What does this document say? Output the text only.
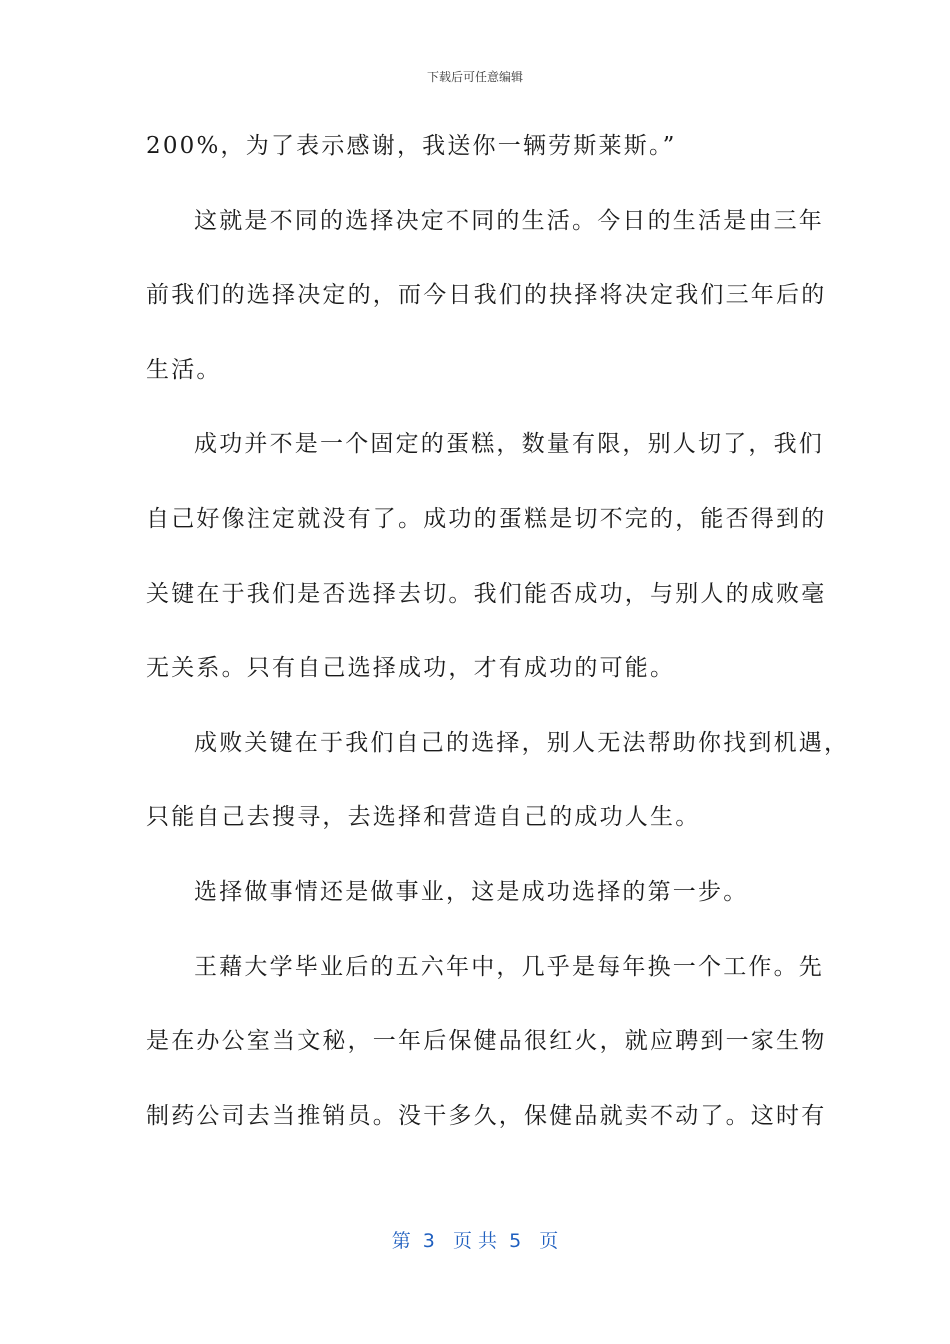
下载后可任意编辑
200%，为了表示感谢，我送你一辆劳斯莱斯。”
这就是不同的选择决定不同的生活。今日的生活是由三年
前我们的选择决定的，而今日我们的抉择将决定我们三年后的
生活。
成功并不是一个固定的蛋糕，数量有限，别人切了，我们
自己好像注定就没有了。成功的蛋糕是切不完的，能否得到的
关键在于我们是否选择去切。我们能否成功，与别人的成败毫
无关系。只有自己选择成功，才有成功的可能。
成败关键在于我们自己的选择，别人无法帮助你找到机遇，
只能自己去搜寻，去选择和营造自己的成功人生。
选择做事情还是做事业，这是成功选择的第一步。
王藉大学毕业后的五六年中，几乎是每年换一个工作。先
是在办公室当文秘，一年后保健品很红火，就应聘到一家生物
制药公司去当推销员。没干多久，保健品就卖不动了。这时有
第  3   页 共  5   页
